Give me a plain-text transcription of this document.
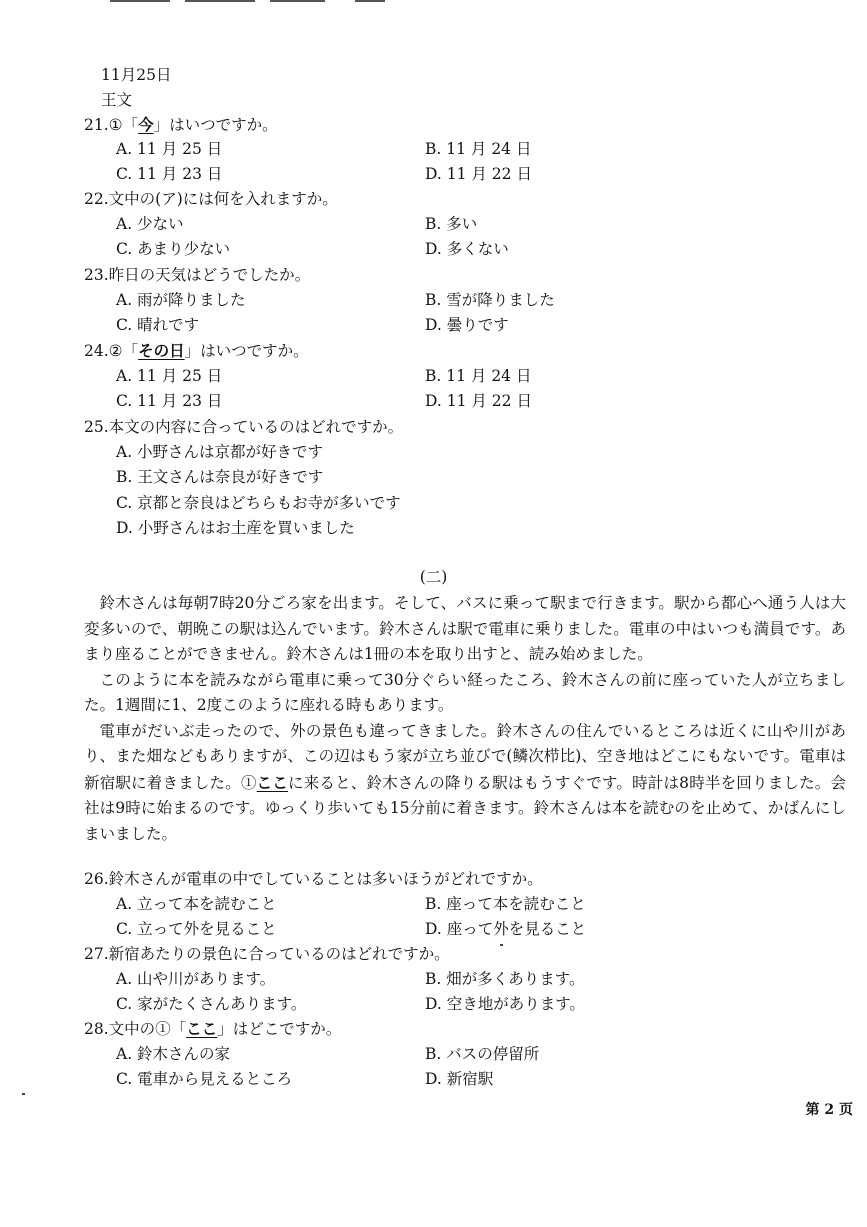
11月25日
王文
21.①「今」はいつですか。
A. 11 月 25 日	B. 11 月 24 日
C. 11 月 23 日	D. 11 月 22 日
22.文中の(ア)には何を入れますか。
A. 少ない	B. 多い
C. あまり少ない	D. 多くない
23.昨日の天気はどうでしたか。
A. 雨が降りました	B. 雪が降りました
C. 晴れです	D. 曇りです
24.②「その日」はいつですか。
A. 11 月 25 日	B. 11 月 24 日
C. 11 月 23 日	D. 11 月 22 日
25.本文の内容に合っているのはどれですか。
A. 小野さんは京都が好きです
B. 王文さんは奈良が好きです
C. 京都と奈良はどちらもお寺が多いです
D. 小野さんはお土産を買いました
(二)

鈴木さんは毎朝7時20分ごろ家を出ます。そして、バスに乗って駅まで行きます。駅から都心へ通う人は大変多いので、朝晩この駅は込んでいます。鈴木さんは駅で電車に乗りました。電車の中はいつも満員です。あまり座ることができません。鈴木さんは1冊の本を取り出すと、読み始めました。

このように本を読みながら電車に乗って30分ぐらい経ったころ、鈴木さんの前に座っていた人が立ちました。1週間に1、2度このように座れる時もあります。

電車がだいぶ走ったので、外の景色も違ってきました。鈴木さんの住んでいるところは近くに山や川があり、また畑などもありますが、この辺はもう家が立ち並びで(鳞次栉比)、空き地はどこにもないです。電車は新宿駅に着きました。①ここに来ると、鈴木さんの降りる駅はもうすぐです。時計は8時半を回りました。会社は9時に始まるのです。ゆっくり歩いても15分前に着きます。鈴木さんは本を読むのを止めて、かばんにしまいました。

26.鈴木さんが電車の中でしていることは多いほうがどれですか。
A. 立って本を読むこと	B. 座って本を読むこと
C. 立って外を見ること	D. 座って外を見ること
27.新宿あたりの景色に合っているのはどれですか。
A. 山や川があります。	B. 畑が多くあります。
C. 家がたくさんあります。	D. 空き地があります。
28.文中の①「ここ」はどこですか。
A. 鈴木さんの家	B. バスの停留所
C. 電車から見えるところ	D. 新宿駅
第 2 页
